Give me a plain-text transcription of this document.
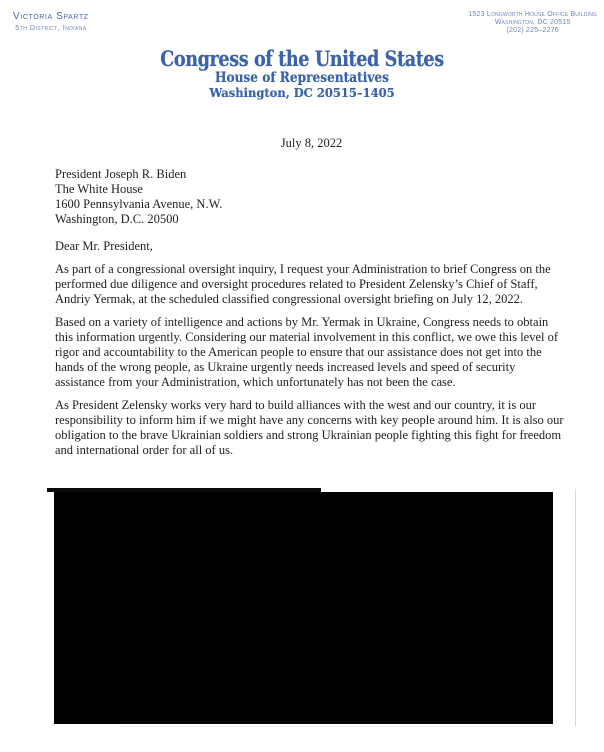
Victoria Spartz
5th District, Indiana
1523 Longworth House Office Building
Washington, DC 20515
(202) 225–2276
Congress of the United States
House of Representatives
Washington, DC 20515–1405
July 8, 2022
President Joseph R. Biden
The White House
1600 Pennsylvania Avenue, N.W.
Washington, D.C. 20500
Dear Mr. President,

As part of a congressional oversight inquiry, I request your Administration to brief Congress on the performed due diligence and oversight procedures related to President Zelensky’s Chief of Staff, Andriy Yermak, at the scheduled classified congressional oversight briefing on July 12, 2022.

Based on a variety of intelligence and actions by Mr. Yermak in Ukraine, Congress needs to obtain this information urgently. Considering our material involvement in this conflict, we owe this level of rigor and accountability to the American people to ensure that our assistance does not get into the hands of the wrong people, as Ukraine urgently needs increased levels and speed of security assistance from your Administration, which unfortunately has not been the case.

As President Zelensky works very hard to build alliances with the west and our country, it is our responsibility to inform him if we might have any concerns with key people around him. It is also our obligation to the brave Ukrainian soldiers and strong Ukrainian people fighting this fight for freedom and international order for all of us.
